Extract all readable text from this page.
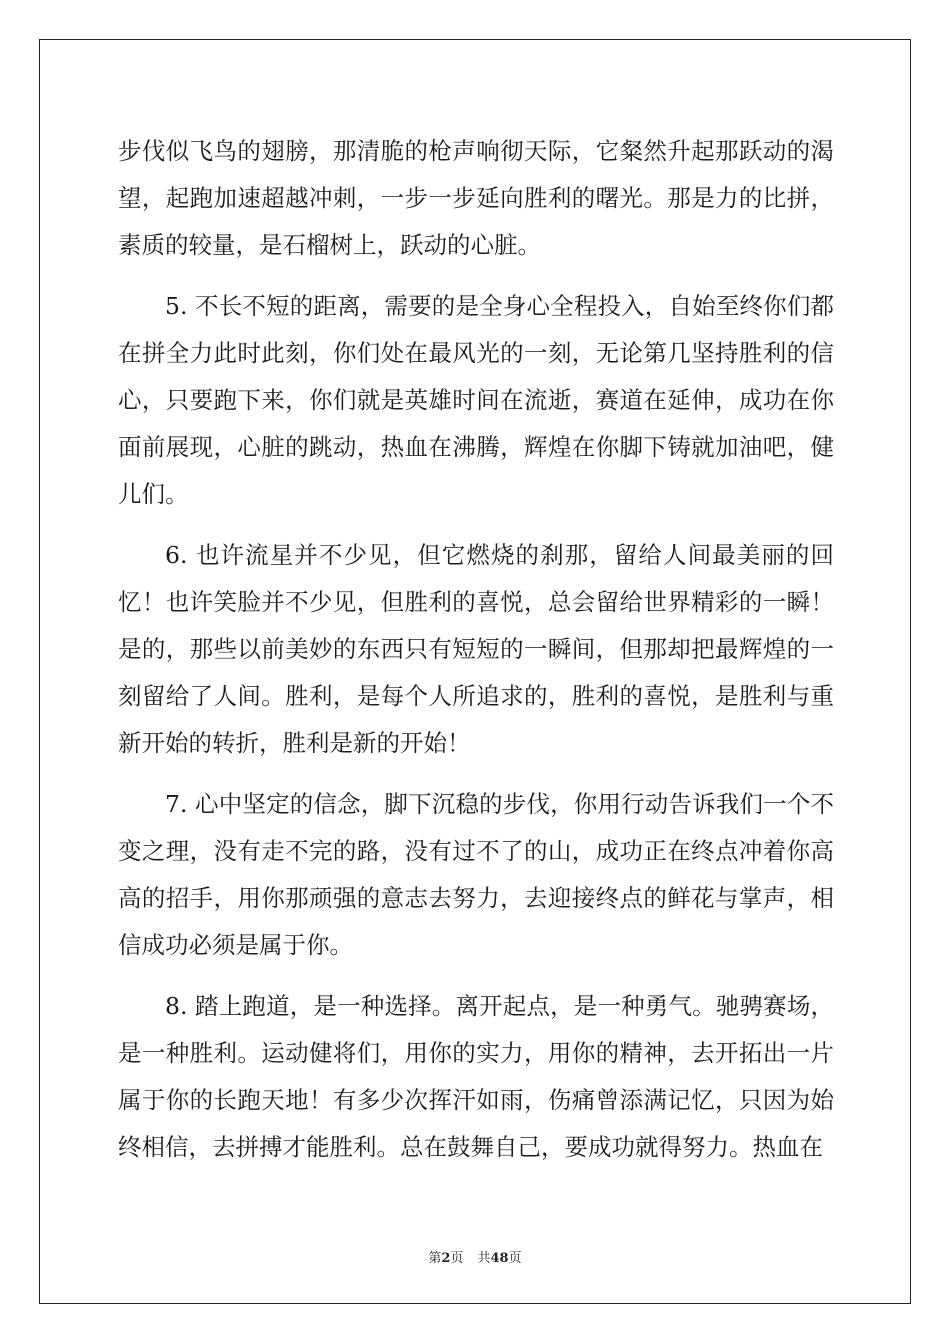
步伐似飞鸟的翅膀，那清脆的枪声响彻天际，它粲然升起那跃动的渴望，起跑加速超越冲刺，一步一步延向胜利的曙光。那是力的比拼，素质的较量，是石榴树上，跃动的心脏。

5. 不长不短的距离，需要的是全身心全程投入，自始至终你们都在拼全力此时此刻，你们处在最风光的一刻，无论第几坚持胜利的信心，只要跑下来，你们就是英雄时间在流逝，赛道在延伸，成功在你面前展现，心脏的跳动，热血在沸腾，辉煌在你脚下铸就加油吧，健儿们。

6. 也许流星并不少见，但它燃烧的刹那，留给人间最美丽的回忆！也许笑脸并不少见，但胜利的喜悦，总会留给世界精彩的一瞬！是的，那些以前美妙的东西只有短短的一瞬间，但那却把最辉煌的一刻留给了人间。胜利，是每个人所追求的，胜利的喜悦，是胜利与重新开始的转折，胜利是新的开始！

7. 心中坚定的信念，脚下沉稳的步伐，你用行动告诉我们一个不变之理，没有走不完的路，没有过不了的山，成功正在终点冲着你高高的招手，用你那顽强的意志去努力，去迎接终点的鲜花与掌声，相信成功必须是属于你。

8. 踏上跑道，是一种选择。离开起点，是一种勇气。驰骋赛场，是一种胜利。运动健将们，用你的实力，用你的精神，去开拓出一片属于你的长跑天地！有多少次挥汗如雨，伤痛曾添满记忆，只因为始终相信，去拼搏才能胜利。总在鼓舞自己，要成功就得努力。热血在

第2页 共48页
